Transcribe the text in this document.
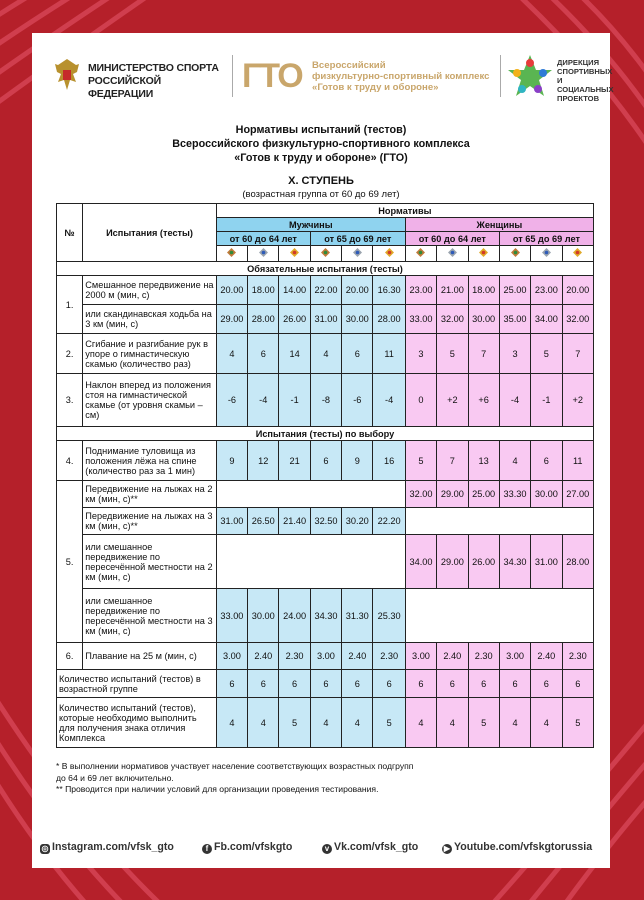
МИНИСТЕРСТВО СПОРТА
РОССИЙСКОЙ ФЕДЕРАЦИИ	ГТО Всероссийский
физкультурно-спортивный комплекс
«Готов к труду и обороне»
ДИРЕКЦИЯ
СПОРТИВНЫХ
И СОЦИАЛЬНЫХ
ПРОЕКТОВ
Нормативы испытаний (тестов)
Всероссийского физкультурно-спортивного комплекса
«Готов к труду и обороне» (ГТО)
X. СТУПЕНЬ
(возрастная группа от 60 до 69 лет)
№	Испытания (тесты)	Нормативы											
		Мужчины						Женщины					
		от 60 до 64 лет			от 65 до 69 лет			от 60 до 64 лет			от 65 до 69 лет		

Обязательные испытания (тесты)													
1.	Смешанное передвижение на 2000 м (мин, с)	20.00	18.00	14.00	22.00	20.00	16.30	23.00	21.00	18.00	25.00	23.00	20.00
	или скандинавская ходьба на 3 км (мин, с)	29.00	28.00	26.00	31.00	30.00	28.00	33.00	32.00	30.00	35.00	34.00	32.00
2.	Сгибание и разгибание рук в упоре о гимнастическую скамью (количество раз)	4	6	14	4	6	11	3	5	7	3	5	7
3.	Наклон вперед из положения стоя на гимнастической скамье (от уровня скамьи – см)	-6	-4	-1	-8	-6	-4	0	+2	+6	-4	-1	+2
Испытания (тесты) по выбору													
4.	Поднимание туловища из положения лёжа на спине (количество раз за 1 мин)	9	12	21	6	9	16	5	7	13	4	6	11
5.	Передвижение на лыжах на 2 км (мин, с)**							32.00	29.00	25.00	33.30	30.00	27.00
	Передвижение на лыжах на 3 км (мин, с)**	31.00	26.50	21.40	32.50	30.20	22.20						
	или смешанное передвижение по пересечённой местности на 2 км (мин, с)							34.00	29.00	26.00	34.30	31.00	28.00
	или смешанное передвижение по пересечённой местности на 3 км (мин, с)	33.00	30.00	24.00	34.30	31.30	25.30						
6.	Плавание на 25 м (мин, с)	3.00	2.40	2.30	3.00	2.40	2.30	3.00	2.40	2.30	3.00	2.40	2.30
Количество испытаний (тестов) в возрастной группе		6	6	6	6	6	6	6	6	6	6	6	6
Количество испытаний (тестов), которые необходимо выполнить для получения знака отличия Комплекса		4	4	5	4	4	5	4	4	5	4	4	5
* В выполнении нормативов участвует население соответствующих возрастных подгрупп
до 64 и 69 лет включительно.
** Проводится при наличии условий для организации проведения тестирования.
◎ Instagram.com/vfsk_gto	f Fb.com/vfskgto	v Vk.com/vfsk_gto	▶ Youtube.com/vfskgtorussia
